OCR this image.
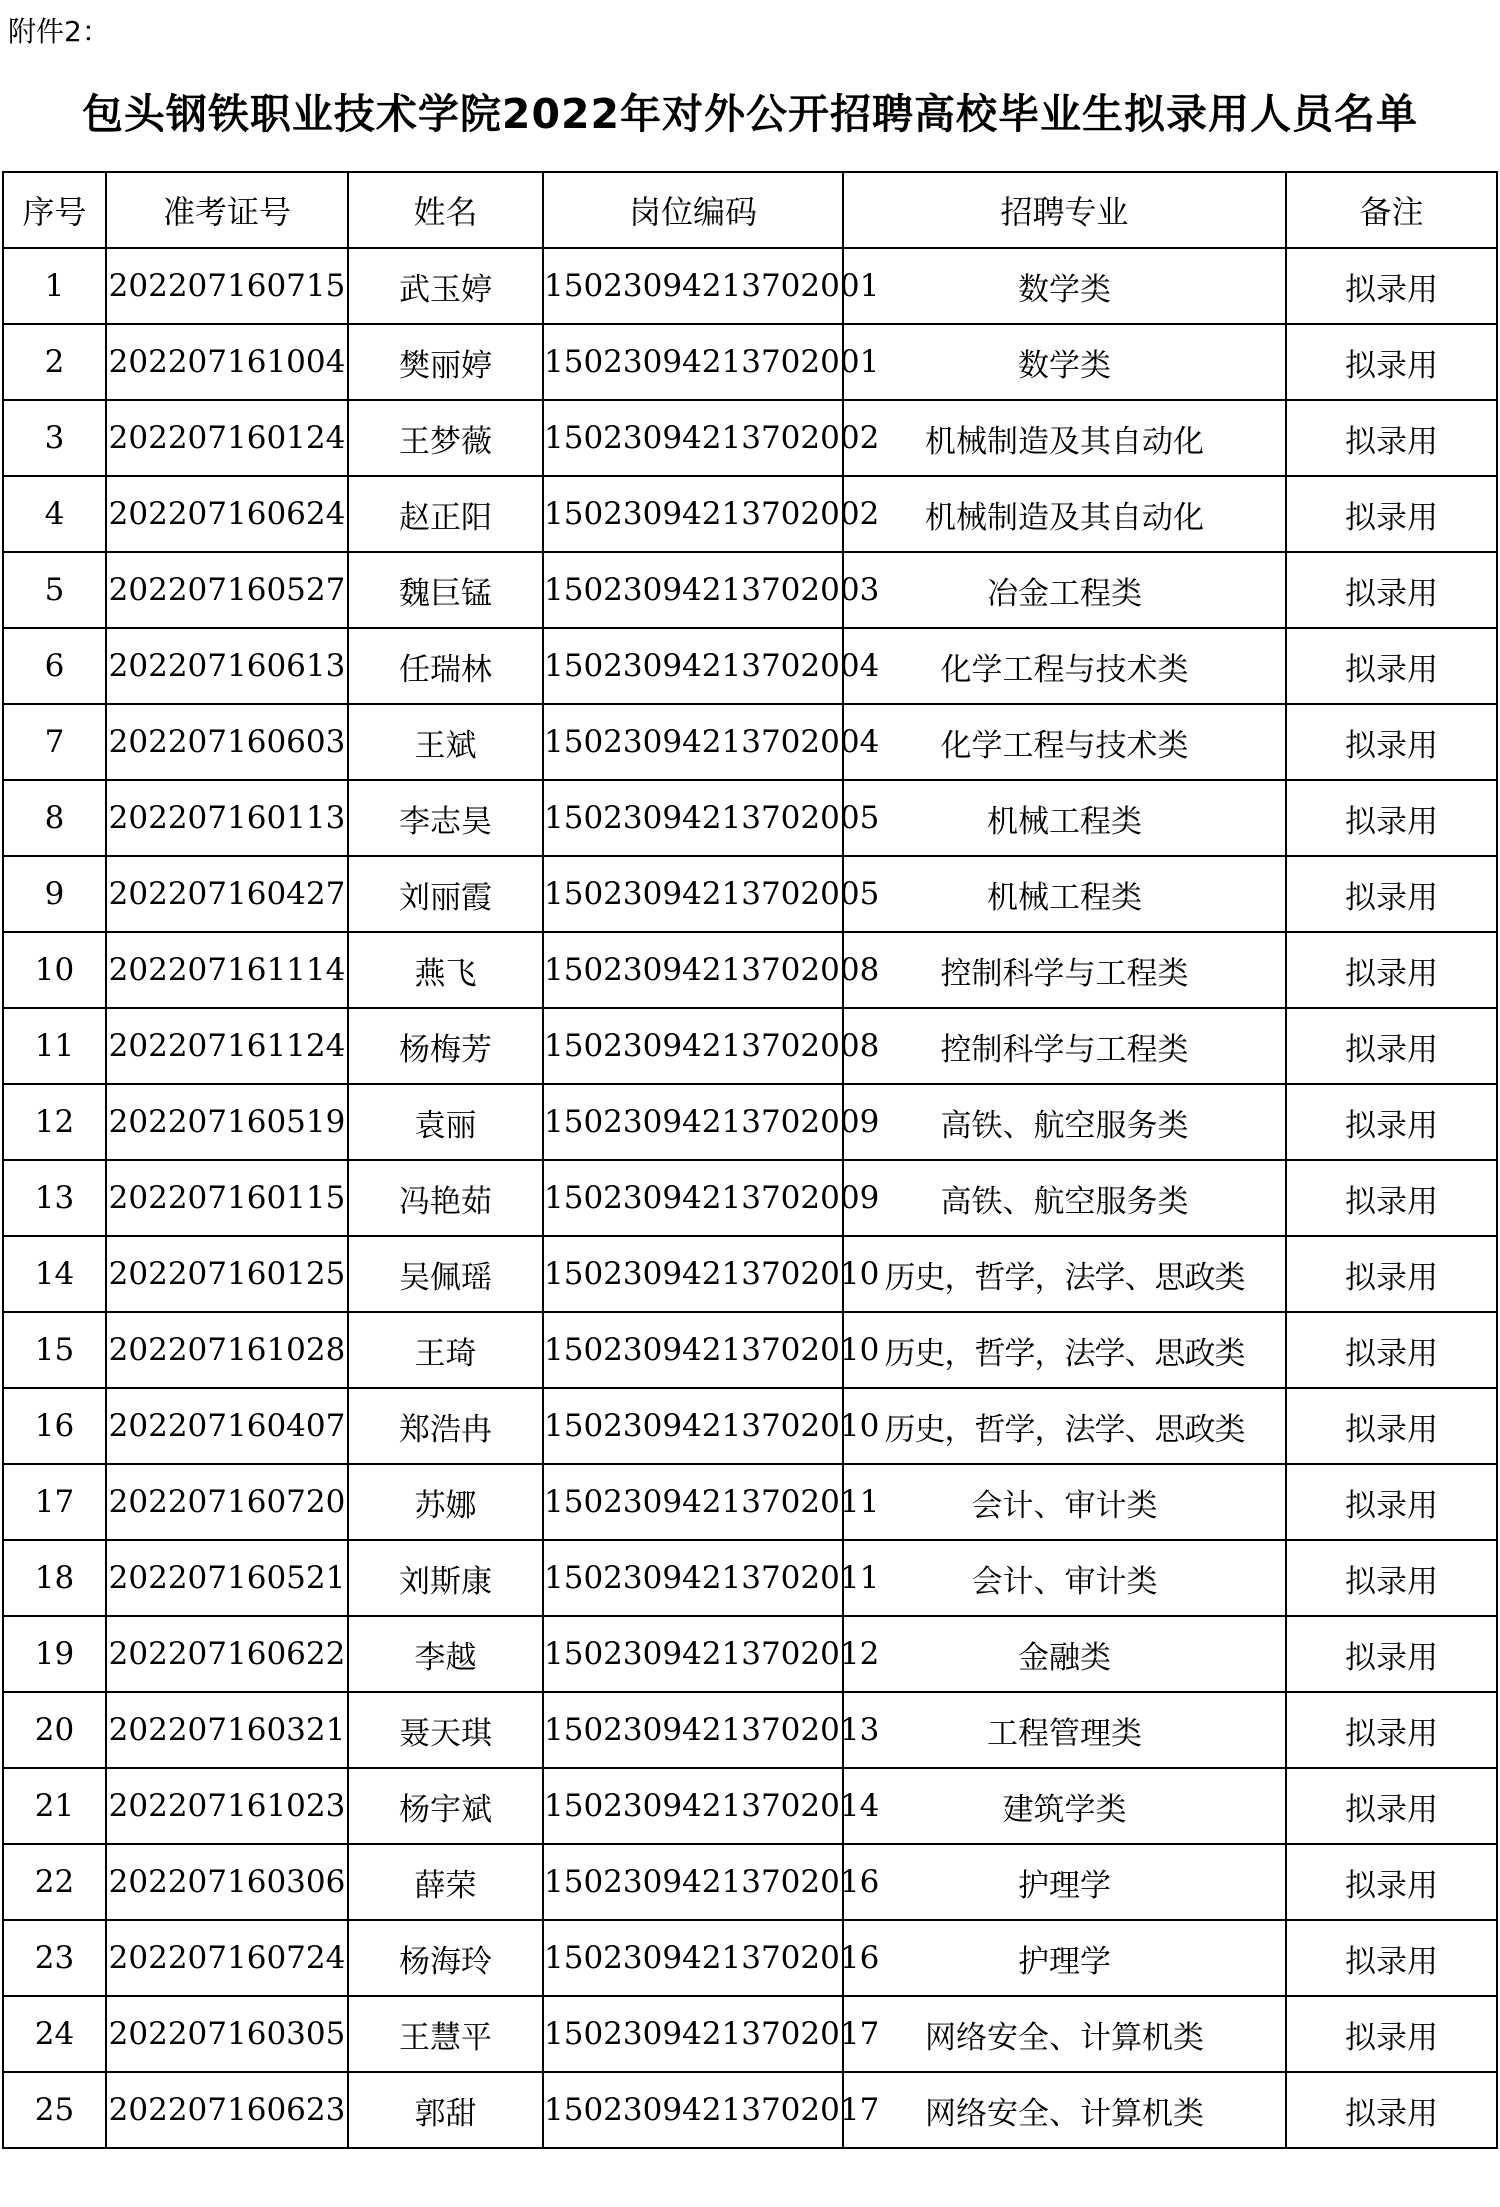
附件2：
包头钢铁职业技术学院2022年对外公开招聘高校毕业生拟录用人员名单
序号	准考证号	姓名	岗位编码	招聘专业	备注
1	202207160715	武玉婷	15023094213702001	数学类	拟录用
2	202207161004	樊丽婷	15023094213702001	数学类	拟录用
3	202207160124	王梦薇	15023094213702002	机械制造及其自动化	拟录用
4	202207160624	赵正阳	15023094213702002	机械制造及其自动化	拟录用
5	202207160527	魏巨锰	15023094213702003	冶金工程类	拟录用
6	202207160613	任瑞林	15023094213702004	化学工程与技术类	拟录用
7	202207160603	王斌	15023094213702004	化学工程与技术类	拟录用
8	202207160113	李志昊	15023094213702005	机械工程类	拟录用
9	202207160427	刘丽霞	15023094213702005	机械工程类	拟录用
10	202207161114	燕飞	15023094213702008	控制科学与工程类	拟录用
11	202207161124	杨梅芳	15023094213702008	控制科学与工程类	拟录用
12	202207160519	袁丽	15023094213702009	高铁、航空服务类	拟录用
13	202207160115	冯艳茹	15023094213702009	高铁、航空服务类	拟录用
14	202207160125	吴佩瑶	15023094213702010	历史，哲学，法学、思政类	拟录用
15	202207161028	王琦	15023094213702010	历史，哲学，法学、思政类	拟录用
16	202207160407	郑浩冉	15023094213702010	历史，哲学，法学、思政类	拟录用
17	202207160720	苏娜	15023094213702011	会计、审计类	拟录用
18	202207160521	刘斯康	15023094213702011	会计、审计类	拟录用
19	202207160622	李越	15023094213702012	金融类	拟录用
20	202207160321	聂天琪	15023094213702013	工程管理类	拟录用
21	202207161023	杨宇斌	15023094213702014	建筑学类	拟录用
22	202207160306	薛荣	15023094213702016	护理学	拟录用
23	202207160724	杨海玲	15023094213702016	护理学	拟录用
24	202207160305	王慧平	15023094213702017	网络安全、计算机类	拟录用
25	202207160623	郭甜	15023094213702017	网络安全、计算机类	拟录用
